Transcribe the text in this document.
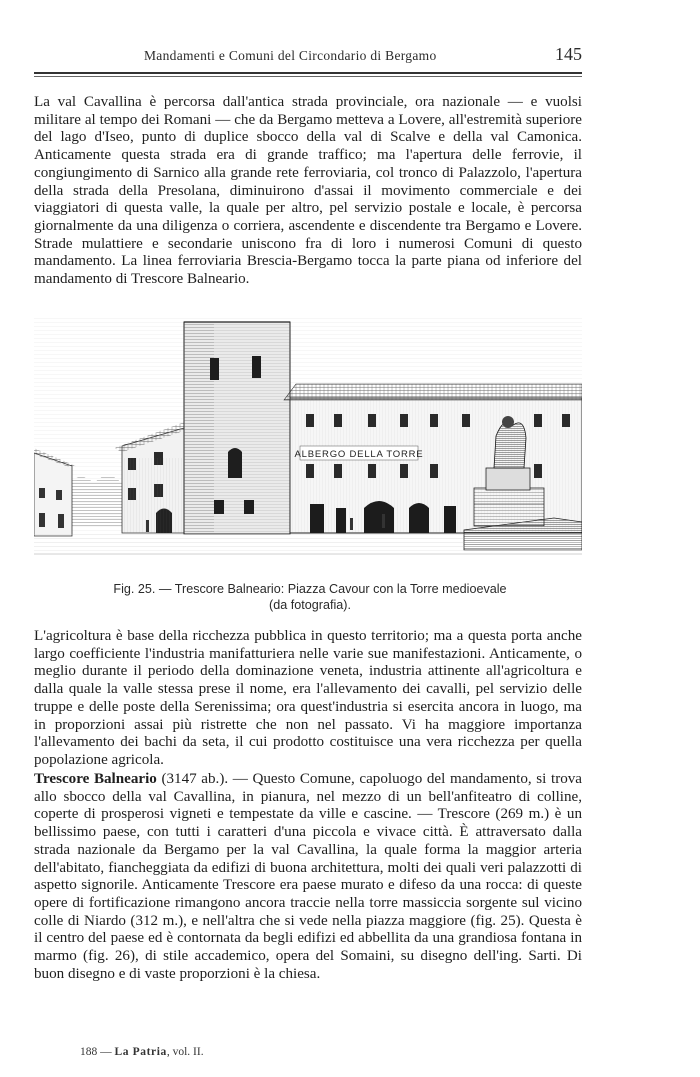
Mandamenti e Comuni del Circondario di Bergamo	145

La val Cavallina è percorsa dall'antica strada provinciale, ora nazionale — e vuolsi militare al tempo dei Romani — che da Bergamo metteva a Lovere, all'estremità superiore del lago d'Iseo, punto di duplice sbocco della val di Scalve e della val Camonica. Anticamente questa strada era di grande traffico; ma l'apertura delle ferrovie, il congiungimento di Sarnico alla grande rete ferroviaria, col tronco di Palazzolo, l'apertura della strada della Presolana, diminuirono d'assai il movimento commerciale e dei viaggiatori di questa valle, la quale per altro, pel servizio postale e locale, è percorsa giornalmente da una diligenza o corriera, ascendente e discendente tra Bergamo e Lovere. Strade mulattiere e secondarie uniscono fra di loro i numerosi Comuni di questo mandamento. La linea ferroviaria Brescia-Bergamo tocca la parte piana od inferiore del mandamento di Trescore Balneario.

ALBERGO DELLA TORRE
Fig. 25. — Trescore Balneario: Piazza Cavour con la Torre medioevale
(da fotografia).

L'agricoltura è base della ricchezza pubblica in questo territorio; ma a questa porta anche largo coefficiente l'industria manifatturiera nelle varie sue manifestazioni. Anticamente, o meglio durante il periodo della dominazione veneta, industria attinente all'agricoltura e dalla quale la valle stessa prese il nome, era l'allevamento dei cavalli, pel servizio delle truppe e delle poste della Serenissima; ora quest'industria si esercita ancora in luogo, ma in proporzioni assai più ristrette che non nel passato. Vi ha maggiore importanza l'allevamento dei bachi da seta, il cui prodotto costituisce una vera ricchezza per quella popolazione agricola.

Trescore Balneario (3147 ab.). — Questo Comune, capoluogo del mandamento, si trova allo sbocco della val Cavallina, in pianura, nel mezzo di un bell'anfiteatro di colline, coperte di prosperosi vigneti e tempestate da ville e cascine. — Trescore (269 m.) è un bellissimo paese, con tutti i caratteri d'una piccola e vivace città. È attraversato dalla strada nazionale da Bergamo per la val Cavallina, la quale forma la maggior arteria dell'abitato, fiancheggiata da edifizi di buona architettura, molti dei quali veri palazzotti di aspetto signorile. Anticamente Trescore era paese murato e difeso da una rocca: di queste opere di fortificazione rimangono ancora traccie nella torre massiccia sorgente sul vicino colle di Niardo (312 m.), e nell'altra che si vede nella piazza maggiore (fig. 25). Questa è il centro del paese ed è contornata da begli edifizi ed abbellita da una grandiosa fontana in marmo (fig. 26), di stile accademico, opera del Somaini, su disegno dell'ing. Sarti. Di buon disegno e di vaste proporzioni è la chiesa.

188 — La Patria, vol. II.
